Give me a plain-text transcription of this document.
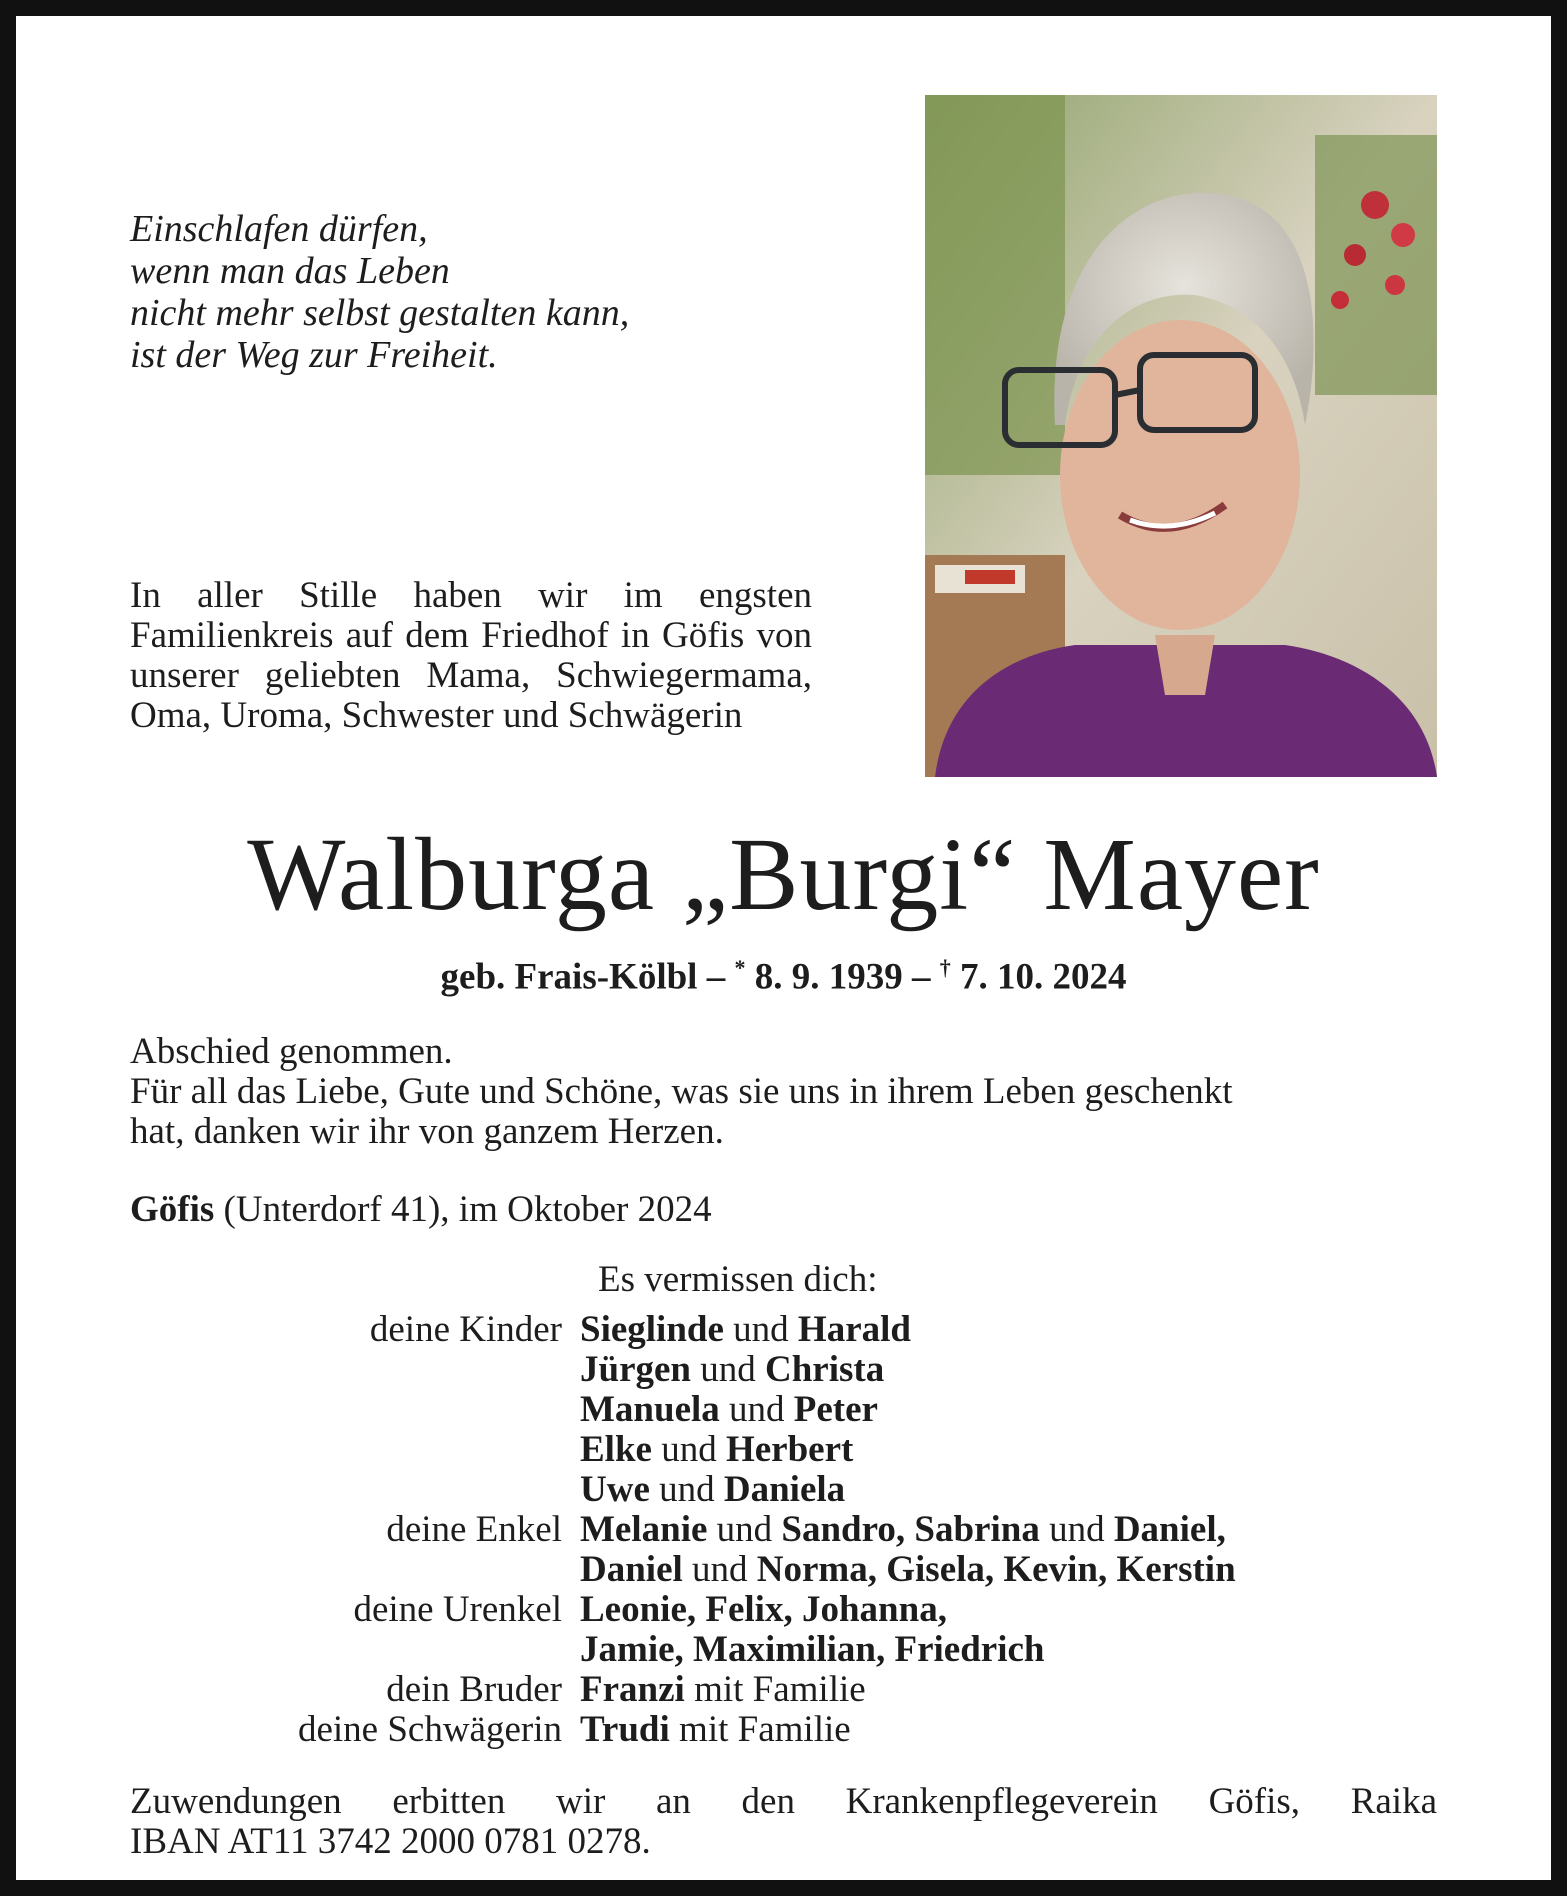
Einschlafen dürfen,
wenn man das Leben
nicht mehr selbst gestalten kann,
ist der Weg zur Freiheit.
In aller Stille haben wir im engsten Familienkreis auf dem Friedhof in Göfis von unserer geliebten Mama, Schwiegermama, Oma, Uroma, Schwester und Schwägerin
Walburga „Burgi“ Mayer
geb. Frais-Kölbl – * 8. 9. 1939 – † 7. 10. 2024
Abschied genommen.
Für all das Liebe, Gute und Schöne, was sie uns in ihrem Leben geschenkt
hat, danken wir ihr von ganzem Herzen.
Göfis (Unterdorf 41), im Oktober 2024
Es vermissen dich:
deine Kinder Sieglinde und Harald
Jürgen und Christa
Manuela und Peter
Elke und Herbert
Uwe und Daniela
deine Enkel Melanie und Sandro, Sabrina und Daniel,
Daniel und Norma, Gisela, Kevin, Kerstin
deine Urenkel Leonie, Felix, Johanna,
Jamie, Maximilian, Friedrich
dein Bruder Franzi mit Familie
deine Schwägerin Trudi mit Familie
Zuwendungen erbitten wir an den Krankenpflegeverein Göfis, Raika
IBAN AT11 3742 2000 0781 0278.
